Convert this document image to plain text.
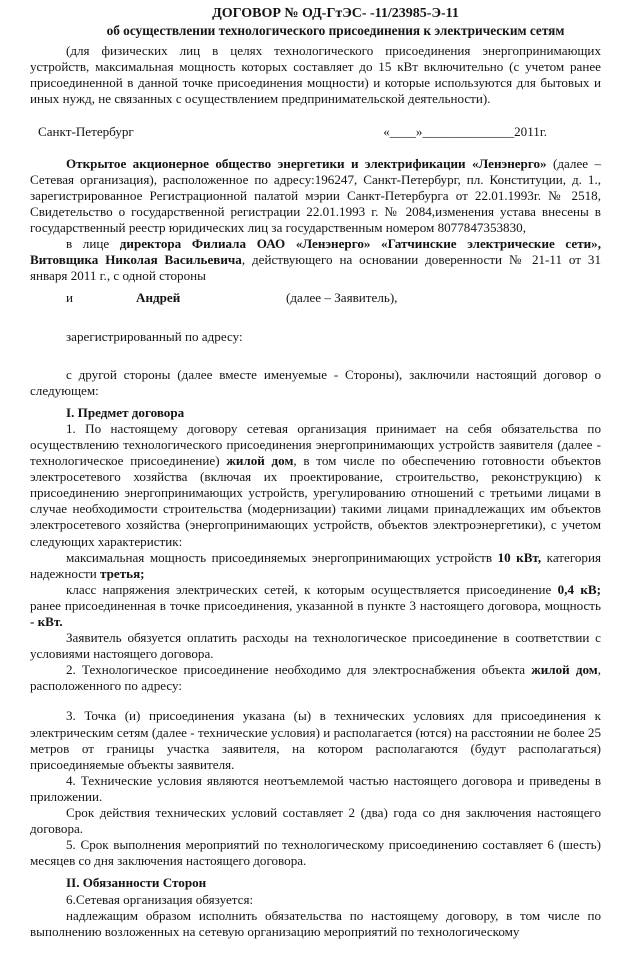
ДОГОВОР № ОД-ГтЭС- -11/23985-Э-11

об осуществлении технологического присоединения к электрическим сетям

(для физических лиц в целях технологического присоединения энергопринимающих устройств, максимальная мощность которых составляет до 15 кВт включительно (с учетом ранее присоединенной в данной точке присоединения мощности) и которые используются для бытовых и иных нужд, не связанных с осуществлением предпринимательской деятельности).

Санкт-Петербург	«____»______________2011г.

Открытое акционерное общество энергетики и электрификации «Ленэнерго» (далее – Сетевая организация), расположенное по адресу:196247, Санкт-Петербург, пл. Конституции, д. 1., зарегистрированное Регистрационной палатой мэрии Санкт-Петербурга от 22.01.1993г. № 2518, Свидетельство о государственной регистрации 22.01.1993 г. № 2084,изменения устава внесены в государственный реестр юридических лиц за государственным номером 8077847353830,

в лице директора Филиала ОАО «Ленэнерго» «Гатчинские электрические сети», Витовщика Николая Васильевича, действующего на основании доверенности № 21-11 от 31 января 2011 г., с одной стороны

и	Андрей	(далее – Заявитель),

зарегистрированный по адресу:

с другой стороны (далее вместе именуемые - Стороны), заключили настоящий договор о следующем:

I. Предмет договора

1. По настоящему договору сетевая организация принимает на себя обязательства по осуществлению технологического присоединения энергопринимающих устройств заявителя (далее - технологическое присоединение) жилой дом, в том числе по обеспечению готовности объектов электросетевого хозяйства (включая их проектирование, строительство, реконструкцию) к присоединению энергопринимающих устройств, урегулированию отношений с третьими лицами в случае необходимости строительства (модернизации) такими лицами принадлежащих им объектов электросетевого хозяйства (энергопринимающих устройств, объектов электроэнергетики), с учетом следующих характеристик:

максимальная мощность присоединяемых энергопринимающих устройств 10 кВт, категория надежности третья;

класс напряжения электрических сетей, к которым осуществляется присоединение 0,4 кВ; ранее присоединенная в точке присоединения, указанной в пункте 3 настоящего договора, мощность - кВт.

Заявитель обязуется оплатить расходы на технологическое присоединение в соответствии с условиями настоящего договора.

2. Технологическое присоединение необходимо для электроснабжения объекта жилой дом, расположенного по адресу:

3. Точка (и) присоединения указана (ы) в технических условиях для присоединения к электрическим сетям (далее - технические условия) и располагается (ются) на расстоянии не более 25 метров от границы участка заявителя, на котором располагаются (будут располагаться) присоединяемые объекты заявителя.

4. Технические условия являются неотъемлемой частью настоящего договора и приведены в приложении.

Срок действия технических условий составляет 2 (два) года со дня заключения настоящего договора.

5. Срок выполнения мероприятий по технологическому присоединению составляет 6 (шесть) месяцев со дня заключения настоящего договора.

II. Обязанности Сторон

6.Сетевая организация обязуется:

надлежащим образом исполнить обязательства по настоящему договору, в том числе по выполнению возложенных на сетевую организацию мероприятий по технологическому
